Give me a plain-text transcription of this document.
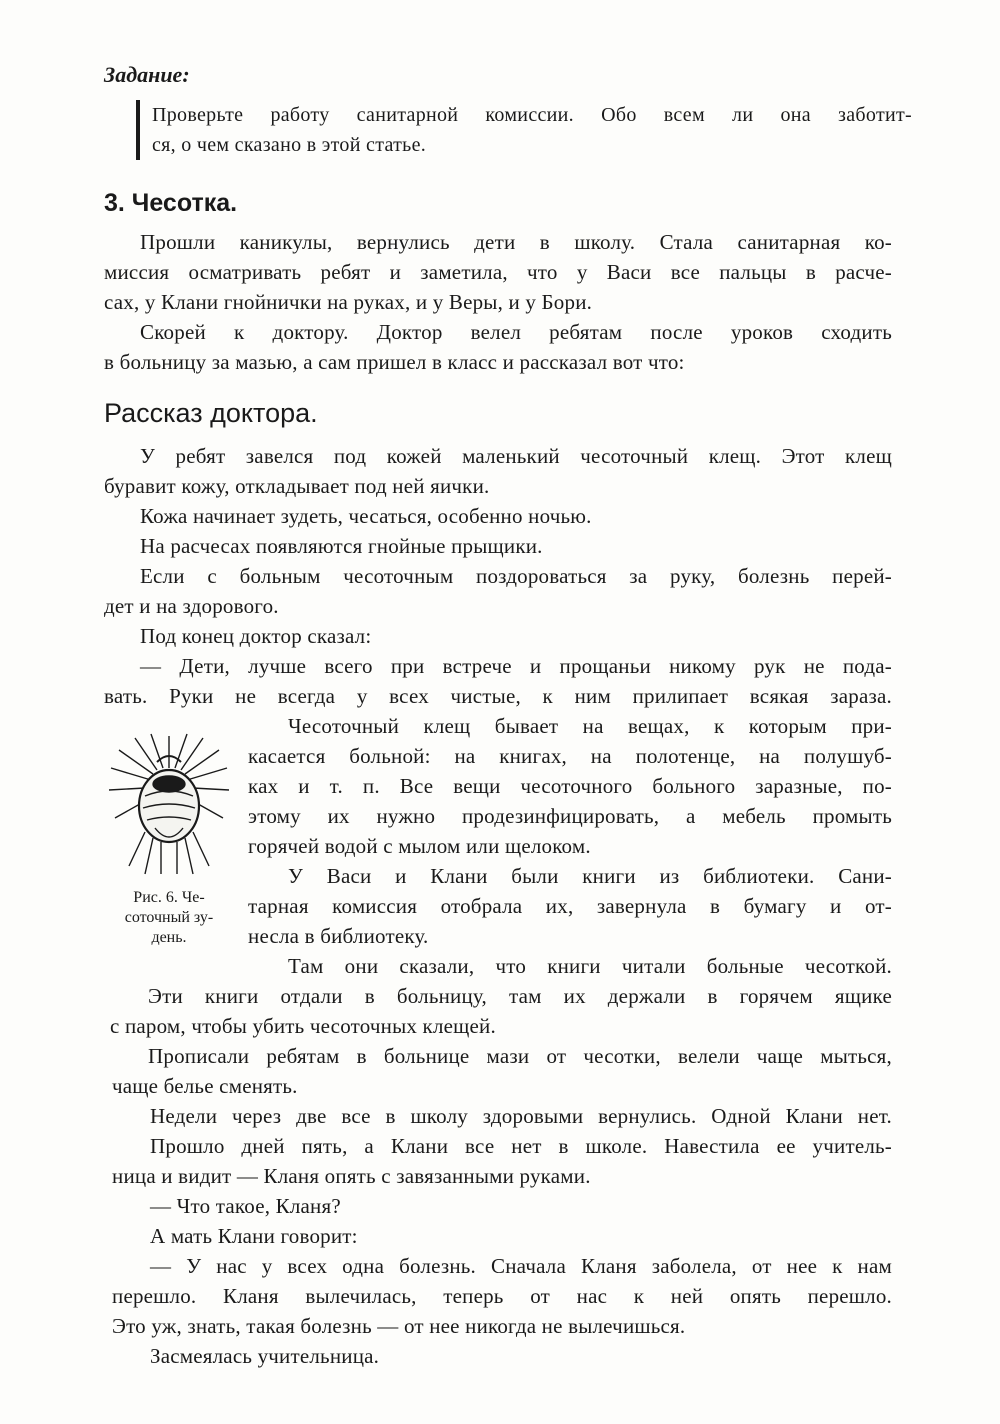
Задание:
Проверьте работу санитарной комиссии. Обо всем ли она заботит-
ся, о чем сказано в этой статье.
3. Чесотка.
Прошли каникулы, вернулись дети в школу. Стала санитарная ко-
миссия осматривать ребят и заметила, что у Васи все пальцы в расче-
сах, у Клани гнойнички на руках, и у Веры, и у Бори.
Скорей к доктору. Доктор велел ребятам после уроков сходить
в больницу за мазью, а сам пришел в класс и рассказал вот что:
Рассказ доктора.
У ребят завелся под кожей маленький чесоточный клещ. Этот клещ
буравит кожу, откладывает под ней яички.
Кожа начинает зудеть, чесаться, особенно ночью.
На расчесах появляются гнойные прыщики.
Если с больным чесоточным поздороваться за руку, болезнь перей-
дет и на здорового.
Под конец доктор сказал:
— Дети, лучше всего при встрече и прощаньи никому рук не пода-
вать. Руки не всегда у всех чистые, к ним прилипает всякая зараза.
Рис. 6. Че-
соточный зу-
день.
Чесоточный клещ бывает на вещах, к которым при-
касается больной: на книгах, на полотенце, на полушуб-
ках и т. п. Все вещи чесоточного больного заразные, по-
этому их нужно продезинфицировать, а мебель промыть
горячей водой с мылом или щелоком.
У Васи и Клани были книги из библиотеки. Сани-
тарная комиссия отобрала их, завернула в бумагу и от-
несла в библиотеку.
Там они сказали, что книги читали больные чесоткой.
Эти книги отдали в больницу, там их держали в горячем ящике
с паром, чтобы убить чесоточных клещей.
Прописали ребятам в больнице мази от чесотки, велели чаще мыться,
чаще белье сменять.
Недели через две все в школу здоровыми вернулись. Одной Клани нет.
Прошло дней пять, а Клани все нет в школе. Навестила ее учитель-
ница и видит — Кланя опять с завязанными руками.
— Что такое, Кланя?
А мать Клани говорит:
— У нас у всех одна болезнь. Сначала Кланя заболела, от нее к нам
перешло. Кланя вылечилась, теперь от нас к ней опять перешло.
Это уж, знать, такая болезнь — от нее никогда не вылечишься.
Засмеялась учительница.
